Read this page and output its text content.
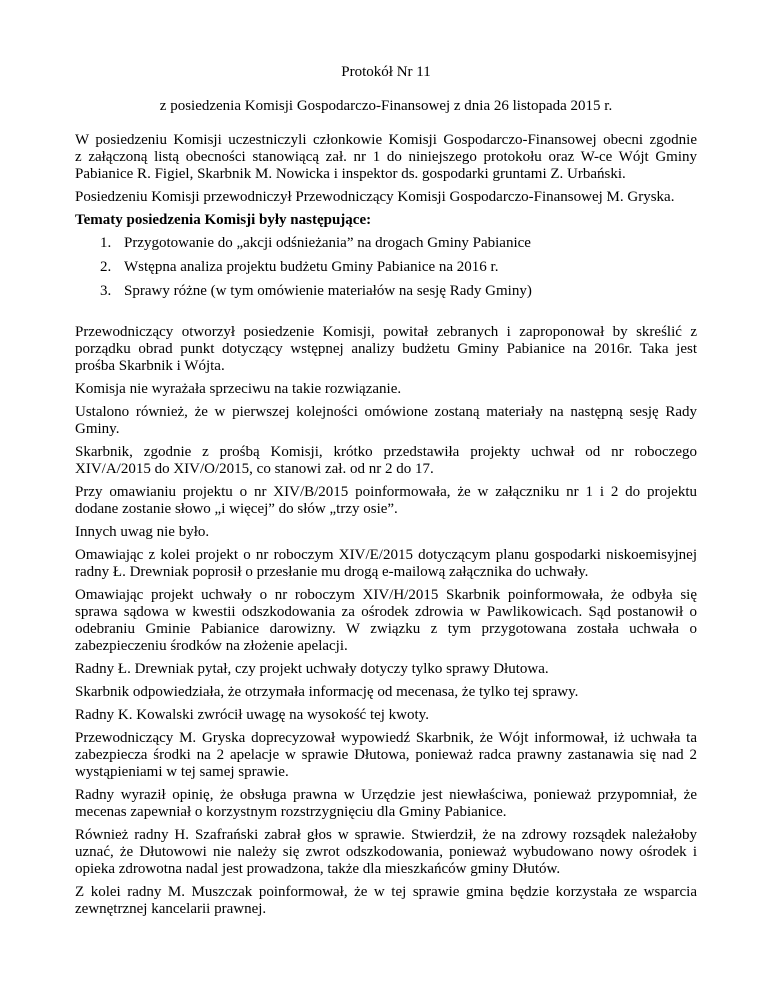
Protokół Nr 11
z posiedzenia Komisji Gospodarczo-Finansowej z dnia 26 listopada 2015 r.
W posiedzeniu Komisji uczestniczyli członkowie Komisji Gospodarczo-Finansowej obecni zgodnie
z załączoną listą obecności stanowiącą zał. nr 1 do niniejszego protokołu oraz W-ce Wójt Gminy
Pabianice R. Figiel, Skarbnik M. Nowicka i inspektor ds. gospodarki gruntami Z. Urbański.
Posiedzeniu Komisji przewodniczył Przewodniczący Komisji Gospodarczo-Finansowej M. Gryska.
Tematy posiedzenia Komisji były następujące:
1. Przygotowanie do „akcji odśnieżania” na drogach Gminy Pabianice
2. Wstępna analiza projektu budżetu Gminy Pabianice na 2016 r.
3. Sprawy różne (w tym omówienie materiałów na sesję Rady Gminy)
Przewodniczący otworzył posiedzenie Komisji, powitał zebranych i zaproponował by skreślić z
porządku obrad punkt dotyczący wstępnej analizy budżetu Gminy Pabianice na 2016r. Taka jest
prośba Skarbnik i Wójta.
Komisja nie wyrażała sprzeciwu na takie rozwiązanie.
Ustalono również, że w pierwszej kolejności omówione zostaną materiały na następną sesję Rady
Gminy.
Skarbnik, zgodnie z prośbą Komisji, krótko przedstawiła projekty uchwał od nr roboczego
XIV/A/2015 do XIV/O/2015, co stanowi zał. od nr 2 do 17.
Przy omawianiu projektu o nr XIV/B/2015 poinformowała, że w załączniku nr 1 i 2 do projektu
dodane zostanie słowo „i więcej” do słów „trzy osie”.
Innych uwag nie było.
Omawiając z kolei projekt o nr roboczym XIV/E/2015 dotyczącym planu gospodarki niskoemisyjnej
radny Ł. Drewniak poprosił o przesłanie mu drogą e-mailową załącznika do uchwały.
Omawiając projekt uchwały o nr roboczym XIV/H/2015 Skarbnik poinformowała, że odbyła się
sprawa sądowa w kwestii odszkodowania za ośrodek zdrowia w Pawlikowicach. Sąd postanowił o
odebraniu Gminie Pabianice darowizny. W związku z tym przygotowana została uchwała o
zabezpieczeniu środków na złożenie apelacji.
Radny Ł. Drewniak pytał, czy projekt uchwały dotyczy tylko sprawy Dłutowa.
Skarbnik odpowiedziała, że otrzymała informację od mecenasa, że tylko tej sprawy.
Radny K. Kowalski zwrócił uwagę na wysokość tej kwoty.
Przewodniczący M. Gryska doprecyzował wypowiedź Skarbnik, że Wójt informował, iż uchwała ta
zabezpiecza środki na 2 apelacje w sprawie Dłutowa, ponieważ radca prawny zastanawia się nad 2
wystąpieniami w tej samej sprawie.
Radny wyraził opinię, że obsługa prawna w Urzędzie jest niewłaściwa, ponieważ przypomniał, że
mecenas zapewniał o korzystnym rozstrzygnięciu dla Gminy Pabianice.
Również radny H. Szafrański zabrał głos w sprawie. Stwierdził, że na zdrowy rozsądek należałoby
uznać, że Dłutowowi nie należy się zwrot odszkodowania, ponieważ wybudowano nowy ośrodek i
opieka zdrowotna nadal jest prowadzona, także dla mieszkańców gminy Dłutów.
Z kolei radny M. Muszczak poinformował, że w tej sprawie gmina będzie korzystała ze wsparcia
zewnętrznej kancelarii prawnej.
